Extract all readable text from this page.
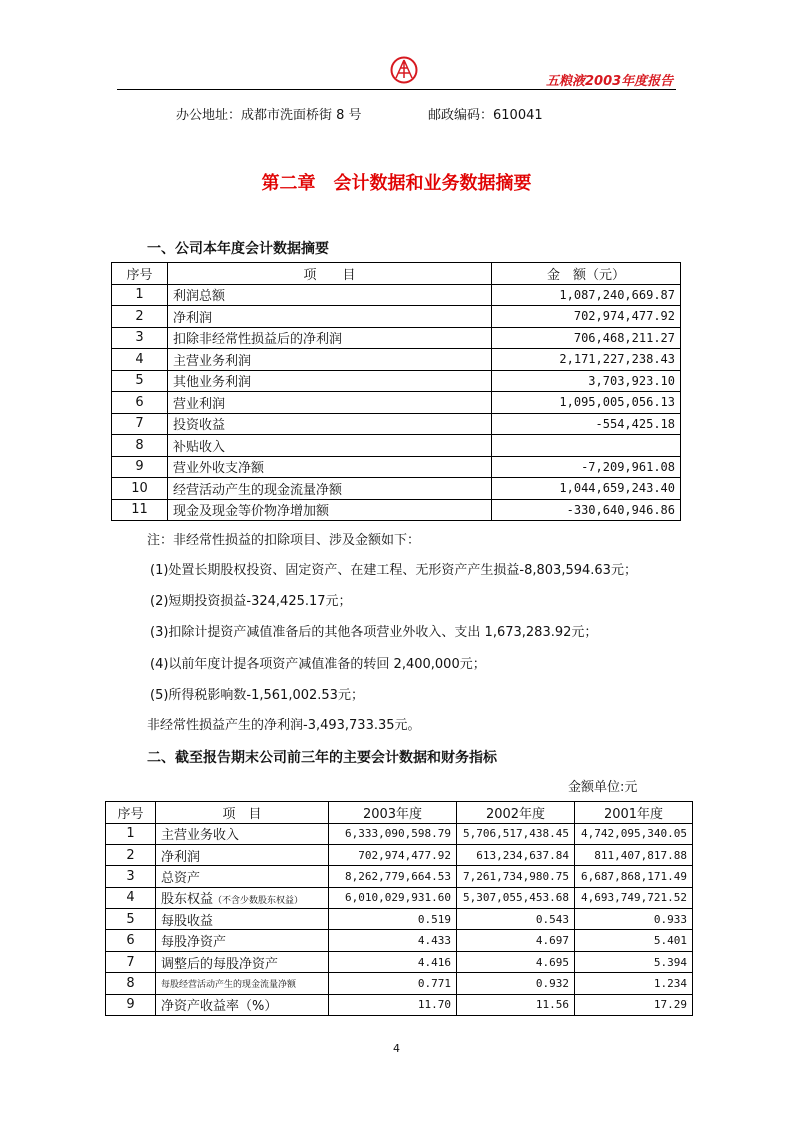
五粮液2003年度报告
办公地址：成都市洗面桥街 8 号	邮政编码：610041
第二章　会计数据和业务数据摘要
一、公司本年度会计数据摘要
序号	项　　目	金　额（元）
1	利润总额	1,087,240,669.87
2	净利润	702,974,477.92
3	扣除非经常性损益后的净利润	706,468,211.27
4	主营业务利润	2,171,227,238.43
5	其他业务利润	3,703,923.10
6	营业利润	1,095,005,056.13
7	投资收益	-554,425.18
8	补贴收入	
9	营业外收支净额	-7,209,961.08
10	经营活动产生的现金流量净额	1,044,659,243.40
11	现金及现金等价物净增加额	-330,640,946.86
注：非经常性损益的扣除项目、涉及金额如下：
(1)处置长期股权投资、固定资产、在建工程、无形资产产生损益-8,803,594.63元；
(2)短期投资损益-324,425.17元；
(3)扣除计提资产减值准备后的其他各项营业外收入、支出 1,673,283.92元；
(4)以前年度计提各项资产减值准备的转回 2,400,000元；
(5)所得税影响数-1,561,002.53元；
非经常性损益产生的净利润-3,493,733.35元。
二、截至报告期末公司前三年的主要会计数据和财务指标
金额单位:元
序号	项　目	2003年度	2002年度	2001年度
1	主营业务收入	6,333,090,598.79	5,706,517,438.45	4,742,095,340.05
2	净利润	702,974,477.92	613,234,637.84	811,407,817.88
3	总资产	8,262,779,664.53	7,261,734,980.75	6,687,868,171.49
4	股东权益（不含少数股东权益）	6,010,029,931.60	5,307,055,453.68	4,693,749,721.52
5	每股收益	0.519	0.543	0.933
6	每股净资产	4.433	4.697	5.401
7	调整后的每股净资产	4.416	4.695	5.394
8	每股经营活动产生的现金流量净额	0.771	0.932	1.234
9	净资产收益率（%）	11.70	11.56	17.29
4
